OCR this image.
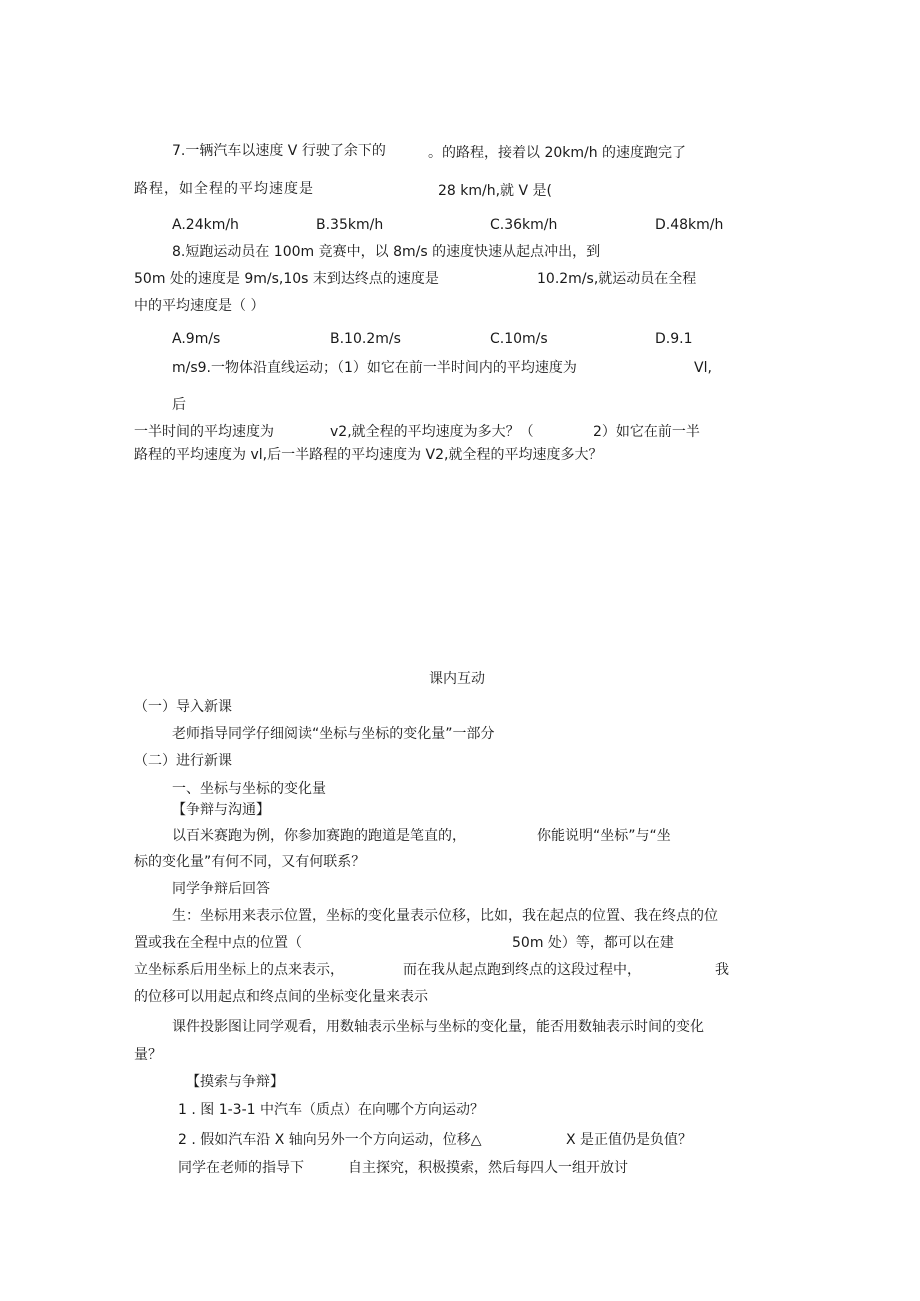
7.一辆汽车以速度 V 行驶了余下的	。的路程，接着以 20km/h 的速度跑完了
路程，如全程的平均速度是	28 km/h,就 V 是(
A.24km/h	B.35km/h	C.36km/h	D.48km/h
8.短跑运动员在 100m 竞赛中，以 8m/s 的速度快速从起点冲出，到
50m 处的速度是 9m/s,10s 末到达终点的速度是	10.2m/s,就运动员在全程
中的平均速度是（ ）
A.9m/s	B.10.2m/s	C.10m/s	D.9.1
m/s9.一物体沿直线运动；（1）如它在前一半时间内的平均速度为	Vl,
后
一半时间的平均速度为	v2,就全程的平均速度为多大？（	2）如它在前一半
路程的平均速度为 vl,后一半路程的平均速度为 V2,就全程的平均速度多大？
课内互动
（一）导入新课
老师指导同学仔细阅读“坐标与坐标的变化量”一部分
（二）进行新课
一、坐标与坐标的变化量
【争辩与沟通】
以百米赛跑为例，你参加赛跑的跑道是笔直的，	你能说明“坐标”与“坐
标的变化量”有何不同，又有何联系？
同学争辩后回答
生：坐标用来表示位置，坐标的变化量表示位移，比如，我在起点的位置、我在终点的位
置或我在全程中点的位置（	50m 处）等，都可以在建
立坐标系后用坐标上的点来表示，	而在我从起点跑到终点的这段过程中，	我
的位移可以用起点和终点间的坐标变化量来表示
课件投影图让同学观看，用数轴表示坐标与坐标的变化量，能否用数轴表示时间的变化
量？
【摸索与争辩】
1 . 图 1-3-1 中汽车（质点）在向哪个方向运动？
2 . 假如汽车沿 X 轴向另外一个方向运动，位移△	X 是正值仍是负值？
同学在老师的指导下	自主探究，积极摸索，然后每四人一组开放讨
